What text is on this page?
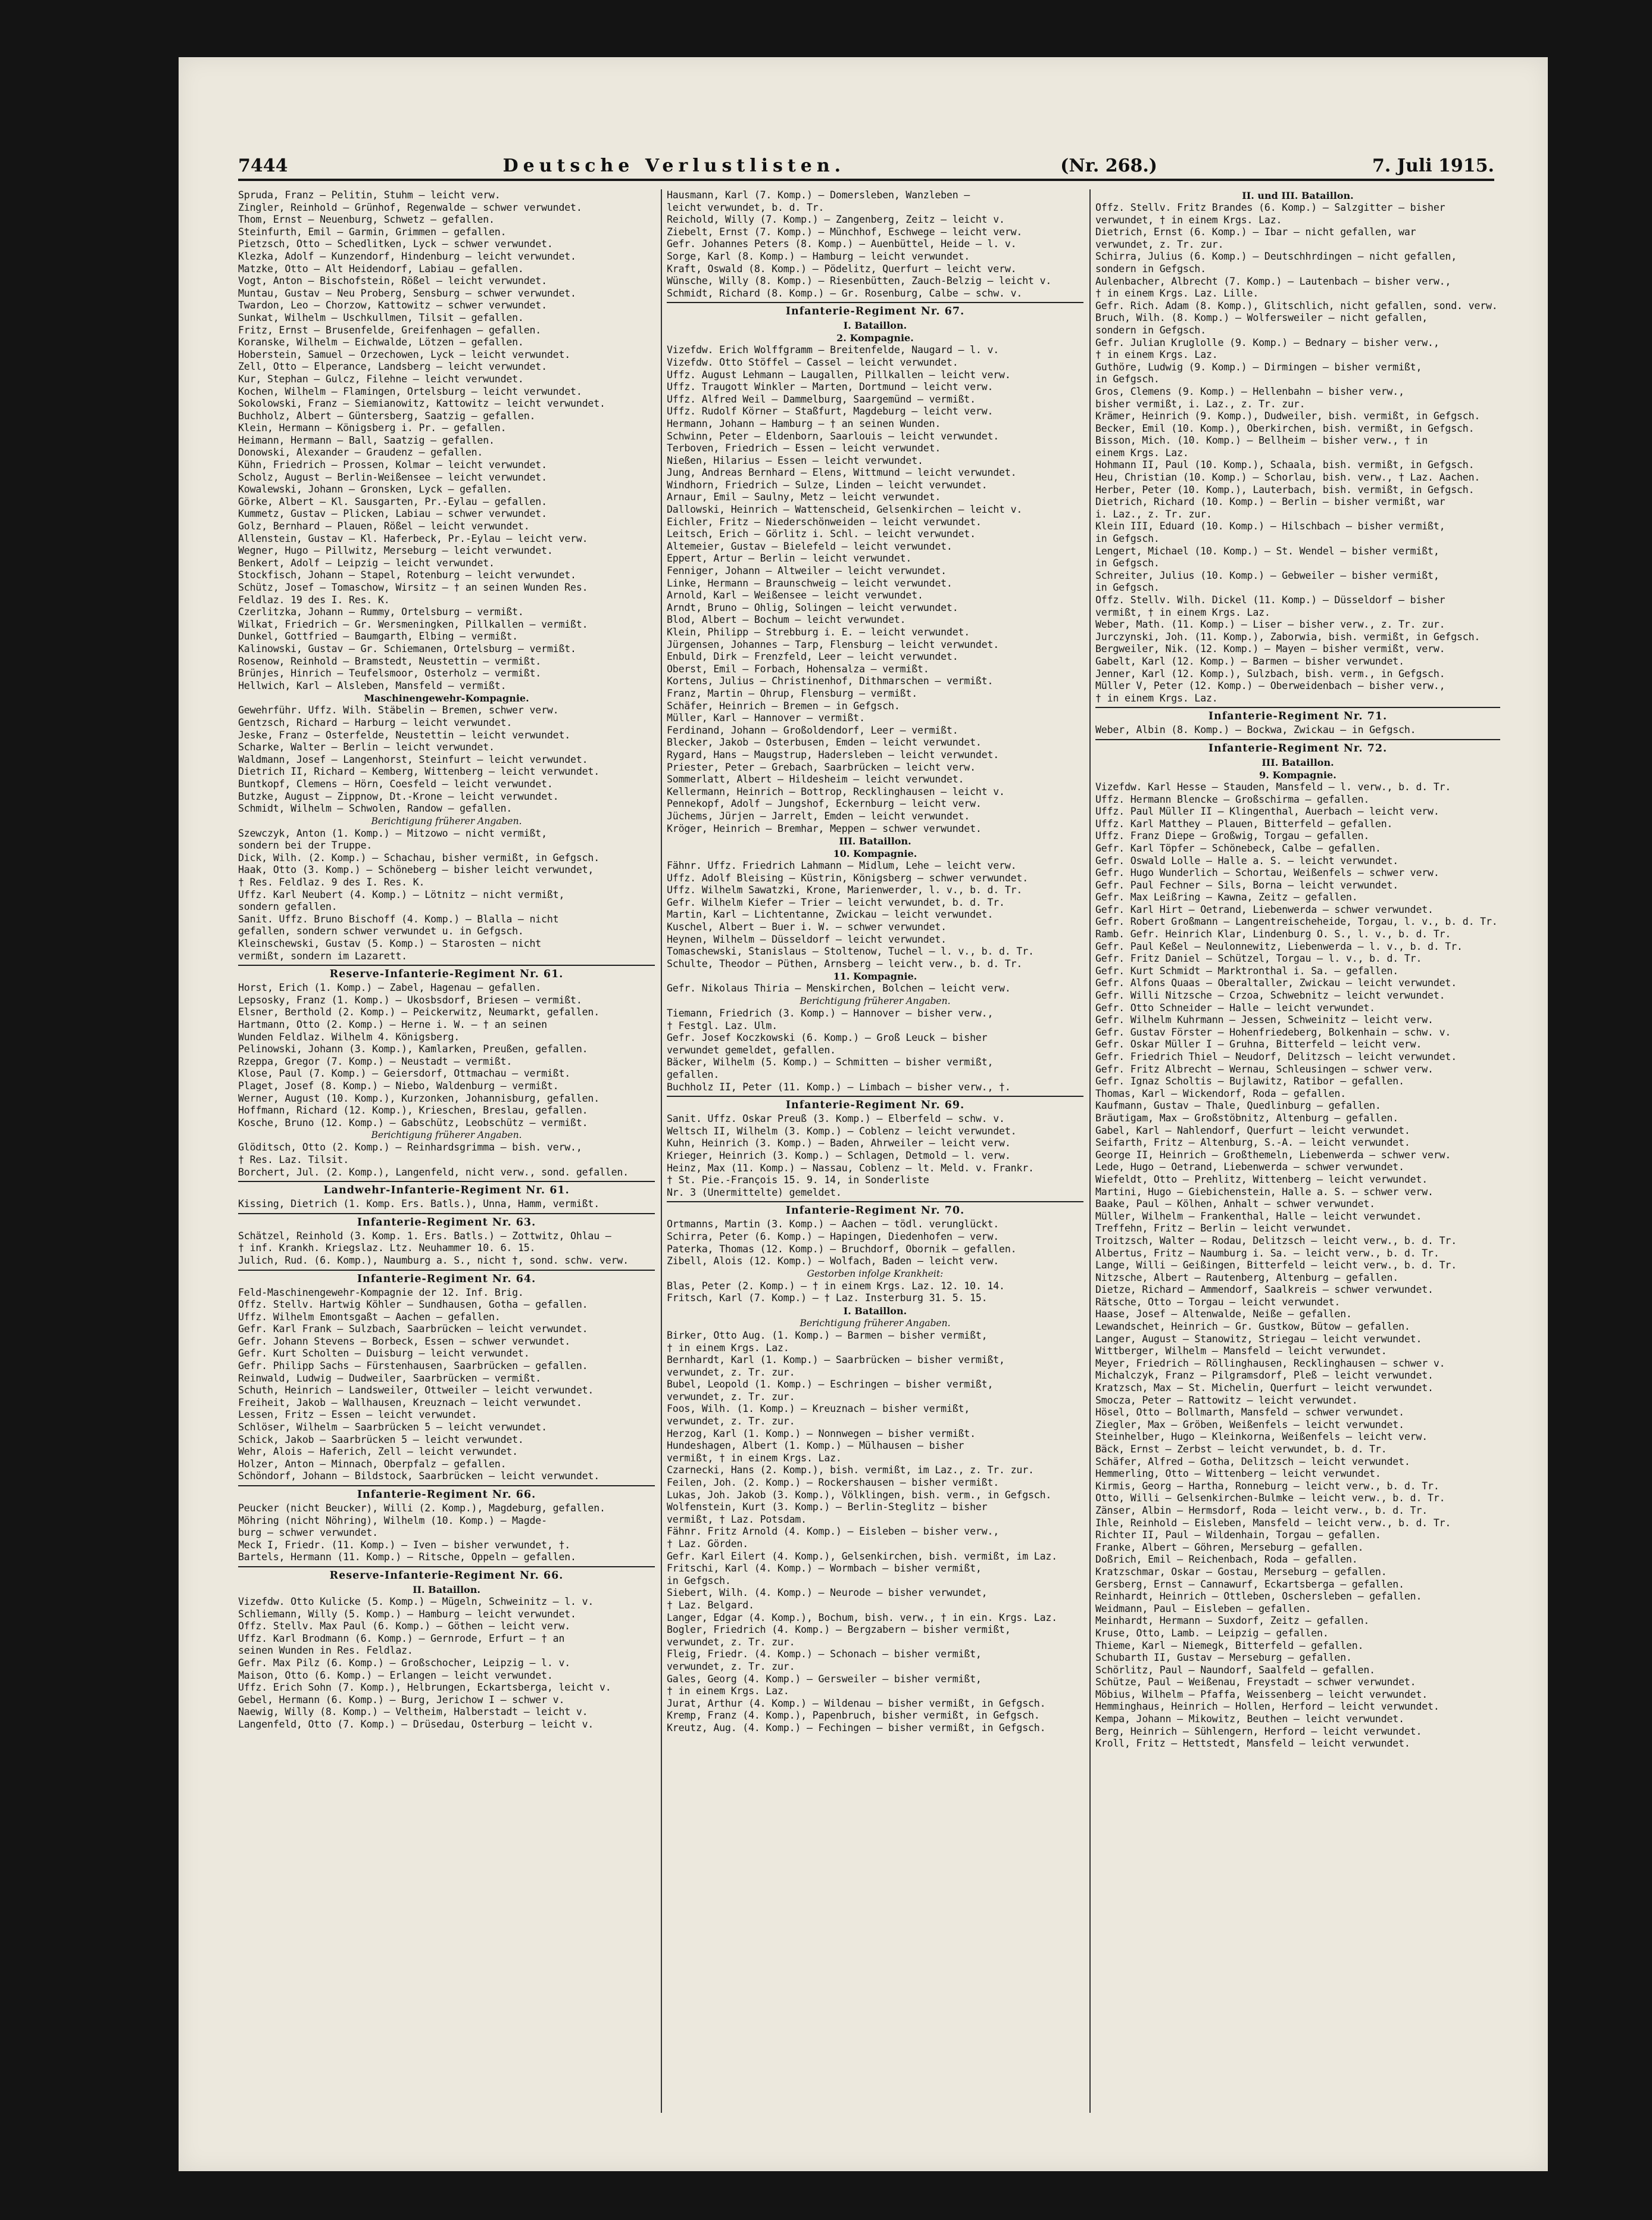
7444	Deutsche Verlustlisten.	(Nr. 268.)	7. Juli 1915.
Spruda, Franz — Pelitin, Stuhm — leicht verw.
Zingler, Reinhold — Grünhof, Regenwalde — schwer verwundet.
Thom, Ernst — Neuenburg, Schwetz — gefallen.
Steinfurth, Emil — Garmin, Grimmen — gefallen.
Pietzsch, Otto — Schedlitken, Lyck — schwer verwundet.
Klezka, Adolf — Kunzendorf, Hindenburg — leicht verwundet.
Matzke, Otto — Alt Heidendorf, Labiau — gefallen.
Vogt, Anton — Bischofstein, Rößel — leicht verwundet.
Muntau, Gustav — Neu Proberg, Sensburg — schwer verwundet.
Twardon, Leo — Chorzow, Kattowitz — schwer verwundet.
Sunkat, Wilhelm — Uschkullmen, Tilsit — gefallen.
Fritz, Ernst — Brusenfelde, Greifenhagen — gefallen.
Koranske, Wilhelm — Eichwalde, Lötzen — gefallen.
Hoberstein, Samuel — Orzechowen, Lyck — leicht verwundet.
Zell, Otto — Elperance, Landsberg — leicht verwundet.
Kur, Stephan — Gulcz, Filehne — leicht verwundet.
Kochen, Wilhelm — Flamingen, Ortelsburg — leicht verwundet.
Sokolowski, Franz — Siemianowitz, Kattowitz — leicht verwundet.
Buchholz, Albert — Güntersberg, Saatzig — gefallen.
Klein, Hermann — Königsberg i. Pr. — gefallen.
Heimann, Hermann — Ball, Saatzig — gefallen.
Donowski, Alexander — Graudenz — gefallen.
Kühn, Friedrich — Prossen, Kolmar — leicht verwundet.
Scholz, August — Berlin-Weißensee — leicht verwundet.
Kowalewski, Johann — Gronsken, Lyck — gefallen.
Görke, Albert — Kl. Sausgarten, Pr.-Eylau — gefallen.
Kummetz, Gustav — Plicken, Labiau — schwer verwundet.
Golz, Bernhard — Plauen, Rößel — leicht verwundet.
Allenstein, Gustav — Kl. Haferbeck, Pr.-Eylau — leicht verw.
Wegner, Hugo — Pillwitz, Merseburg — leicht verwundet.
Benkert, Adolf — Leipzig — leicht verwundet.
Stockfisch, Johann — Stapel, Rotenburg — leicht verwundet.
Schütz, Josef — Tomaschow, Wirsitz — † an seinen Wunden Res.
Feldlaz. 19 des I. Res. K.
Czerlitzka, Johann — Rummy, Ortelsburg — vermißt.
Wilkat, Friedrich — Gr. Wersmeningken, Pillkallen — vermißt.
Dunkel, Gottfried — Baumgarth, Elbing — vermißt.
Kalinowski, Gustav — Gr. Schiemanen, Ortelsburg — vermißt.
Rosenow, Reinhold — Bramstedt, Neustettin — vermißt.
Brünjes, Hinrich — Teufelsmoor, Osterholz — vermißt.
Hellwich, Karl — Alsleben, Mansfeld — vermißt.
Maschinengewehr-Kompagnie.
Gewehrführ. Uffz. Wilh. Stäbelin — Bremen, schwer verw.
Gentzsch, Richard — Harburg — leicht verwundet.
Jeske, Franz — Osterfelde, Neustettin — leicht verwundet.
Scharke, Walter — Berlin — leicht verwundet.
Waldmann, Josef — Langenhorst, Steinfurt — leicht verwundet.
Dietrich II, Richard — Kemberg, Wittenberg — leicht verwundet.
Buntkopf, Clemens — Hörn, Coesfeld — leicht verwundet.
Butzke, August — Zippnow, Dt.-Krone — leicht verwundet.
Schmidt, Wilhelm — Schwolen, Randow — gefallen.
Berichtigung früherer Angaben.
Szewczyk, Anton (1. Komp.) — Mitzowo — nicht vermißt,
sondern bei der Truppe.
Dick, Wilh. (2. Komp.) — Schachau, bisher vermißt, in Gefgsch.
Haak, Otto (3. Komp.) — Schöneberg — bisher leicht verwundet,
† Res. Feldlaz. 9 des I. Res. K.
Uffz. Karl Neubert (4. Komp.) — Lötnitz — nicht vermißt,
sondern gefallen.
Sanit. Uffz. Bruno Bischoff (4. Komp.) — Blalla — nicht
gefallen, sondern schwer verwundet u. in Gefgsch.
Kleinschewski, Gustav (5. Komp.) — Starosten — nicht
vermißt, sondern im Lazarett.
Reserve-Infanterie-Regiment Nr. 61.
Horst, Erich (1. Komp.) — Zabel, Hagenau — gefallen.
Lepsosky, Franz (1. Komp.) — Ukosbsdorf, Briesen — vermißt.
Elsner, Berthold (2. Komp.) — Peickerwitz, Neumarkt, gefallen.
Hartmann, Otto (2. Komp.) — Herne i. W. — † an seinen
Wunden Feldlaz. Wilhelm 4. Königsberg.
Pelinowski, Johann (3. Komp.), Kamlarken, Preußen, gefallen.
Rzeppa, Gregor (7. Komp.) — Neustadt — vermißt.
Klose, Paul (7. Komp.) — Geiersdorf, Ottmachau — vermißt.
Plaget, Josef (8. Komp.) — Niebo, Waldenburg — vermißt.
Werner, August (10. Komp.), Kurzonken, Johannisburg, gefallen.
Hoffmann, Richard (12. Komp.), Krieschen, Breslau, gefallen.
Kosche, Bruno (12. Komp.) — Gabschütz, Leobschütz — vermißt.
Berichtigung früherer Angaben.
Glöditsch, Otto (2. Komp.) — Reinhardsgrimma — bish. verw.,
† Res. Laz. Tilsit.
Borchert, Jul. (2. Komp.), Langenfeld, nicht verw., sond. gefallen.
Landwehr-Infanterie-Regiment Nr. 61.
Kissing, Dietrich (1. Komp. Ers. Batls.), Unna, Hamm, vermißt.
Infanterie-Regiment Nr. 63.
Schätzel, Reinhold (3. Komp. 1. Ers. Batls.) — Zottwitz, Ohlau —
† inf. Krankh. Kriegslaz. Ltz. Neuhammer 10. 6. 15.
Julich, Rud. (6. Komp.), Naumburg a. S., nicht †, sond. schw. verw.
Infanterie-Regiment Nr. 64.
Feld-Maschinengewehr-Kompagnie der 12. Inf. Brig.
Offz. Stellv. Hartwig Köhler — Sundhausen, Gotha — gefallen.
Uffz. Wilhelm Emontsgaßt — Aachen — gefallen.
Gefr. Karl Frank — Sulzbach, Saarbrücken — leicht verwundet.
Gefr. Johann Stevens — Borbeck, Essen — schwer verwundet.
Gefr. Kurt Scholten — Duisburg — leicht verwundet.
Gefr. Philipp Sachs — Fürstenhausen, Saarbrücken — gefallen.
Reinwald, Ludwig — Dudweiler, Saarbrücken — vermißt.
Schuth, Heinrich — Landsweiler, Ottweiler — leicht verwundet.
Freiheit, Jakob — Wallhausen, Kreuznach — leicht verwundet.
Lessen, Fritz — Essen — leicht verwundet.
Schlöser, Wilhelm — Saarbrücken 5 — leicht verwundet.
Schick, Jakob — Saarbrücken 5 — leicht verwundet.
Wehr, Alois — Haferich, Zell — leicht verwundet.
Holzer, Anton — Minnach, Oberpfalz — gefallen.
Schöndorf, Johann — Bildstock, Saarbrücken — leicht verwundet.
Infanterie-Regiment Nr. 66.
Peucker (nicht Beucker), Willi (2. Komp.), Magdeburg, gefallen.
Möhring (nicht Nöhring), Wilhelm (10. Komp.) — Magde-
burg — schwer verwundet.
Meck I, Friedr. (11. Komp.) — Iven — bisher verwundet, †.
Bartels, Hermann (11. Komp.) — Ritsche, Oppeln — gefallen.
Reserve-Infanterie-Regiment Nr. 66.
II. Bataillon.
Vizefdw. Otto Kulicke (5. Komp.) — Mügeln, Schweinitz — l. v.
Schliemann, Willy (5. Komp.) — Hamburg — leicht verwundet.
Offz. Stellv. Max Paul (6. Komp.) — Göthen — leicht verw.
Uffz. Karl Brodmann (6. Komp.) — Gernrode, Erfurt — † an
seinen Wunden in Res. Feldlaz.
Gefr. Max Pilz (6. Komp.) — Großschocher, Leipzig — l. v.
Maison, Otto (6. Komp.) — Erlangen — leicht verwundet.
Uffz. Erich Sohn (7. Komp.), Helbrungen, Eckartsberga, leicht v.
Gebel, Hermann (6. Komp.) — Burg, Jerichow I — schwer v.
Naewig, Willy (8. Komp.) — Veltheim, Halberstadt — leicht v.
Langenfeld, Otto (7. Komp.) — Drüsedau, Osterburg — leicht v.
Hausmann, Karl (7. Komp.) — Domersleben, Wanzleben —
leicht verwundet, b. d. Tr.
Reichold, Willy (7. Komp.) — Zangenberg, Zeitz — leicht v.
Ziebelt, Ernst (7. Komp.) — Münchhof, Eschwege — leicht verw.
Gefr. Johannes Peters (8. Komp.) — Auenbüttel, Heide — l. v.
Sorge, Karl (8. Komp.) — Hamburg — leicht verwundet.
Kraft, Oswald (8. Komp.) — Pödelitz, Querfurt — leicht verw.
Wünsche, Willy (8. Komp.) — Riesenbütten, Zauch-Belzig — leicht v.
Schmidt, Richard (8. Komp.) — Gr. Rosenburg, Calbe — schw. v.
Infanterie-Regiment Nr. 67.
I. Bataillon.
2. Kompagnie.
Vizefdw. Erich Wolffgramm — Breitenfelde, Naugard — l. v.
Vizefdw. Otto Stöffel — Cassel — leicht verwundet.
Uffz. August Lehmann — Laugallen, Pillkallen — leicht verw.
Uffz. Traugott Winkler — Marten, Dortmund — leicht verw.
Uffz. Alfred Weil — Dammelburg, Saargemünd — vermißt.
Uffz. Rudolf Körner — Staßfurt, Magdeburg — leicht verw.
Hermann, Johann — Hamburg — † an seinen Wunden.
Schwinn, Peter — Eldenborn, Saarlouis — leicht verwundet.
Terboven, Friedrich — Essen — leicht verwundet.
Nießen, Hilarius — Essen — leicht verwundet.
Jung, Andreas Bernhard — Elens, Wittmund — leicht verwundet.
Windhorn, Friedrich — Sulze, Linden — leicht verwundet.
Arnaur, Emil — Saulny, Metz — leicht verwundet.
Dallowski, Heinrich — Wattenscheid, Gelsenkirchen — leicht v.
Eichler, Fritz — Niederschönweiden — leicht verwundet.
Leitsch, Erich — Görlitz i. Schl. — leicht verwundet.
Altemeier, Gustav — Bielefeld — leicht verwundet.
Eppert, Artur — Berlin — leicht verwundet.
Fenniger, Johann — Altweiler — leicht verwundet.
Linke, Hermann — Braunschweig — leicht verwundet.
Arnold, Karl — Weißensee — leicht verwundet.
Arndt, Bruno — Ohlig, Solingen — leicht verwundet.
Blod, Albert — Bochum — leicht verwundet.
Klein, Philipp — Strebburg i. E. — leicht verwundet.
Jürgensen, Johannes — Tarp, Flensburg — leicht verwundet.
Enbuld, Dirk — Frenzfeld, Leer — leicht verwundet.
Oberst, Emil — Forbach, Hohensalza — vermißt.
Kortens, Julius — Christinenhof, Dithmarschen — vermißt.
Franz, Martin — Ohrup, Flensburg — vermißt.
Schäfer, Heinrich — Bremen — in Gefgsch.
Müller, Karl — Hannover — vermißt.
Ferdinand, Johann — Großoldendorf, Leer — vermißt.
Blecker, Jakob — Osterbusen, Emden — leicht verwundet.
Rygard, Hans — Maugstrup, Hadersleben — leicht verwundet.
Priester, Peter — Grebach, Saarbrücken — leicht verw.
Sommerlatt, Albert — Hildesheim — leicht verwundet.
Kellermann, Heinrich — Bottrop, Recklinghausen — leicht v.
Pennekopf, Adolf — Jungshof, Eckernburg — leicht verw.
Jüchems, Jürjen — Jarrelt, Emden — leicht verwundet.
Kröger, Heinrich — Bremhar, Meppen — schwer verwundet.
III. Bataillon.
10. Kompagnie.
Fähnr. Uffz. Friedrich Lahmann — Midlum, Lehe — leicht verw.
Uffz. Adolf Bleising — Küstrin, Königsberg — schwer verwundet.
Uffz. Wilhelm Sawatzki, Krone, Marienwerder, l. v., b. d. Tr.
Gefr. Wilhelm Kiefer — Trier — leicht verwundet, b. d. Tr.
Martin, Karl — Lichtentanne, Zwickau — leicht verwundet.
Kuschel, Albert — Buer i. W. — schwer verwundet.
Heynen, Wilhelm — Düsseldorf — leicht verwundet.
Tomaschewski, Stanislaus — Stoltenow, Tuchel — l. v., b. d. Tr.
Schulte, Theodor — Püthen, Arnsberg — leicht verw., b. d. Tr.
11. Kompagnie.
Gefr. Nikolaus Thiria — Menskirchen, Bolchen — leicht verw.
Berichtigung früherer Angaben.
Tiemann, Friedrich (3. Komp.) — Hannover — bisher verw.,
† Festgl. Laz. Ulm.
Gefr. Josef Koczkowski (6. Komp.) — Groß Leuck — bisher
verwundet gemeldet, gefallen.
Bäcker, Wilhelm (5. Komp.) — Schmitten — bisher vermißt,
gefallen.
Buchholz II, Peter (11. Komp.) — Limbach — bisher verw., †.
Infanterie-Regiment Nr. 69.
Sanit. Uffz. Oskar Preuß (3. Komp.) — Elberfeld — schw. v.
Weltsch II, Wilhelm (3. Komp.) — Coblenz — leicht verwundet.
Kuhn, Heinrich (3. Komp.) — Baden, Ahrweiler — leicht verw.
Krieger, Heinrich (3. Komp.) — Schlagen, Detmold — l. verw.
Heinz, Max (11. Komp.) — Nassau, Coblenz — lt. Meld. v. Frankr.
† St. Pie.-François 15. 9. 14, in Sonderliste
Nr. 3 (Unermittelte) gemeldet.
Infanterie-Regiment Nr. 70.
Ortmanns, Martin (3. Komp.) — Aachen — tödl. verunglückt.
Schirra, Peter (6. Komp.) — Hapingen, Diedenhofen — verw.
Paterka, Thomas (12. Komp.) — Bruchdorf, Obornik — gefallen.
Zibell, Alois (12. Komp.) — Wolfach, Baden — leicht verw.
Gestorben infolge Krankheit:
Blas, Peter (2. Komp.) — † in einem Krgs. Laz. 12. 10. 14.
Fritsch, Karl (7. Komp.) — † Laz. Insterburg 31. 5. 15.
I. Bataillon.
Berichtigung früherer Angaben.
Birker, Otto Aug. (1. Komp.) — Barmen — bisher vermißt,
† in einem Krgs. Laz.
Bernhardt, Karl (1. Komp.) — Saarbrücken — bisher vermißt,
verwundet, z. Tr. zur.
Bubel, Leopold (1. Komp.) — Eschringen — bisher vermißt,
verwundet, z. Tr. zur.
Foos, Wilh. (1. Komp.) — Kreuznach — bisher vermißt,
verwundet, z. Tr. zur.
Herzog, Karl (1. Komp.) — Nonnwegen — bisher vermißt.
Hundeshagen, Albert (1. Komp.) — Mülhausen — bisher
vermißt, † in einem Krgs. Laz.
Czarnecki, Hans (2. Komp.), bish. vermißt, im Laz., z. Tr. zur.
Feilen, Joh. (2. Komp.) — Rockershausen — bisher vermißt.
Lukas, Joh. Jakob (3. Komp.), Völklingen, bish. verm., in Gefgsch.
Wolfenstein, Kurt (3. Komp.) — Berlin-Steglitz — bisher
vermißt, † Laz. Potsdam.
Fähnr. Fritz Arnold (4. Komp.) — Eisleben — bisher verw.,
† Laz. Görden.
Gefr. Karl Eilert (4. Komp.), Gelsenkirchen, bish. vermißt, im Laz.
Fritschi, Karl (4. Komp.) — Wormbach — bisher vermißt,
in Gefgsch.
Siebert, Wilh. (4. Komp.) — Neurode — bisher verwundet,
† Laz. Belgard.
Langer, Edgar (4. Komp.), Bochum, bish. verw., † in ein. Krgs. Laz.
Bogler, Friedrich (4. Komp.) — Bergzabern — bisher vermißt,
verwundet, z. Tr. zur.
Fleig, Friedr. (4. Komp.) — Schonach — bisher vermißt,
verwundet, z. Tr. zur.
Gales, Georg (4. Komp.) — Gersweiler — bisher vermißt,
† in einem Krgs. Laz.
Jurat, Arthur (4. Komp.) — Wildenau — bisher vermißt, in Gefgsch.
Kremp, Franz (4. Komp.), Papenbruch, bisher vermißt, in Gefgsch.
Kreutz, Aug. (4. Komp.) — Fechingen — bisher vermißt, in Gefgsch.
II. und III. Bataillon.
Offz. Stellv. Fritz Brandes (6. Komp.) — Salzgitter — bisher
verwundet, † in einem Krgs. Laz.
Dietrich, Ernst (6. Komp.) — Ibar — nicht gefallen, war
verwundet, z. Tr. zur.
Schirra, Julius (6. Komp.) — Deutschhrdingen — nicht gefallen,
sondern in Gefgsch.
Aulenbacher, Albrecht (7. Komp.) — Lautenbach — bisher verw.,
† in einem Krgs. Laz. Lille.
Gefr. Rich. Adam (8. Komp.), Glitschlich, nicht gefallen, sond. verw.
Bruch, Wilh. (8. Komp.) — Wolfersweiler — nicht gefallen,
sondern in Gefgsch.
Gefr. Julian Kruglolle (9. Komp.) — Bednary — bisher verw.,
† in einem Krgs. Laz.
Guthöre, Ludwig (9. Komp.) — Dirmingen — bisher vermißt,
in Gefgsch.
Gros, Clemens (9. Komp.) — Hellenbahn — bisher verw.,
bisher vermißt, i. Laz., z. Tr. zur.
Krämer, Heinrich (9. Komp.), Dudweiler, bish. vermißt, in Gefgsch.
Becker, Emil (10. Komp.), Oberkirchen, bish. vermißt, in Gefgsch.
Bisson, Mich. (10. Komp.) — Bellheim — bisher verw., † in
einem Krgs. Laz.
Hohmann II, Paul (10. Komp.), Schaala, bish. vermißt, in Gefgsch.
Heu, Christian (10. Komp.) — Schorlau, bish. verw., † Laz. Aachen.
Herber, Peter (10. Komp.), Lauterbach, bish. vermißt, in Gefgsch.
Dietrich, Richard (10. Komp.) — Berlin — bisher vermißt, war
i. Laz., z. Tr. zur.
Klein III, Eduard (10. Komp.) — Hilschbach — bisher vermißt,
in Gefgsch.
Lengert, Michael (10. Komp.) — St. Wendel — bisher vermißt,
in Gefgsch.
Schreiter, Julius (10. Komp.) — Gebweiler — bisher vermißt,
in Gefgsch.
Offz. Stellv. Wilh. Dickel (11. Komp.) — Düsseldorf — bisher
vermißt, † in einem Krgs. Laz.
Weber, Math. (11. Komp.) — Liser — bisher verw., z. Tr. zur.
Jurczynski, Joh. (11. Komp.), Zaborwia, bish. vermißt, in Gefgsch.
Bergweiler, Nik. (12. Komp.) — Mayen — bisher vermißt, verw.
Gabelt, Karl (12. Komp.) — Barmen — bisher verwundet.
Jenner, Karl (12. Komp.), Sulzbach, bish. verm., in Gefgsch.
Müller V, Peter (12. Komp.) — Oberweidenbach — bisher verw.,
† in einem Krgs. Laz.
Infanterie-Regiment Nr. 71.
Weber, Albin (8. Komp.) — Bockwa, Zwickau — in Gefgsch.
Infanterie-Regiment Nr. 72.
III. Bataillon.
9. Kompagnie.
Vizefdw. Karl Hesse — Stauden, Mansfeld — l. verw., b. d. Tr.
Uffz. Hermann Blencke — Großschirma — gefallen.
Uffz. Paul Müller II — Klingenthal, Auerbach — leicht verw.
Uffz. Karl Matthey — Plauen, Bitterfeld — gefallen.
Uffz. Franz Diepe — Großwig, Torgau — gefallen.
Gefr. Karl Töpfer — Schönebeck, Calbe — gefallen.
Gefr. Oswald Lolle — Halle a. S. — leicht verwundet.
Gefr. Hugo Wunderlich — Schortau, Weißenfels — schwer verw.
Gefr. Paul Fechner — Sils, Borna — leicht verwundet.
Gefr. Max Leißring — Kawna, Zeitz — gefallen.
Gefr. Karl Hirt — Oetrand, Liebenwerda — schwer verwundet.
Gefr. Robert Großmann — Langentreischeheide, Torgau, l. v., b. d. Tr.
Ramb. Gefr. Heinrich Klar, Lindenburg O. S., l. v., b. d. Tr.
Gefr. Paul Keßel — Neulonnewitz, Liebenwerda — l. v., b. d. Tr.
Gefr. Fritz Daniel — Schützel, Torgau — l. v., b. d. Tr.
Gefr. Kurt Schmidt — Marktronthal i. Sa. — gefallen.
Gefr. Alfons Quaas — Oberaltaller, Zwickau — leicht verwundet.
Gefr. Willi Nitzsche — Crzoa, Schwebnitz — leicht verwundet.
Gefr. Otto Schneider — Halle — leicht verwundet.
Gefr. Wilhelm Kuhrmann — Jessen, Schweinitz — leicht verw.
Gefr. Gustav Förster — Hohenfriedeberg, Bolkenhain — schw. v.
Gefr. Oskar Müller I — Gruhna, Bitterfeld — leicht verw.
Gefr. Friedrich Thiel — Neudorf, Delitzsch — leicht verwundet.
Gefr. Fritz Albrecht — Wernau, Schleusingen — schwer verw.
Gefr. Ignaz Scholtis — Bujlawitz, Ratibor — gefallen.
Thomas, Karl — Wickendorf, Roda — gefallen.
Kaufmann, Gustav — Thale, Quedlinburg — gefallen.
Bräutigam, Max — Großstöbnitz, Altenburg — gefallen.
Gabel, Karl — Nahlendorf, Querfurt — leicht verwundet.
Seifarth, Fritz — Altenburg, S.-A. — leicht verwundet.
George II, Heinrich — Großthemeln, Liebenwerda — schwer verw.
Lede, Hugo — Oetrand, Liebenwerda — schwer verwundet.
Wiefeldt, Otto — Prehlitz, Wittenberg — leicht verwundet.
Martini, Hugo — Giebichenstein, Halle a. S. — schwer verw.
Baake, Paul — Kölhen, Anhalt — schwer verwundet.
Müller, Wilhelm — Frankenthal, Halle — leicht verwundet.
Treffehn, Fritz — Berlin — leicht verwundet.
Troitzsch, Walter — Rodau, Delitzsch — leicht verw., b. d. Tr.
Albertus, Fritz — Naumburg i. Sa. — leicht verw., b. d. Tr.
Lange, Willi — Geißingen, Bitterfeld — leicht verw., b. d. Tr.
Nitzsche, Albert — Rautenberg, Altenburg — gefallen.
Dietze, Richard — Ammendorf, Saalkreis — schwer verwundet.
Rätsche, Otto — Torgau — leicht verwundet.
Haase, Josef — Altenwalde, Neiße — gefallen.
Lewandschet, Heinrich — Gr. Gustkow, Bütow — gefallen.
Langer, August — Stanowitz, Striegau — leicht verwundet.
Wittberger, Wilhelm — Mansfeld — leicht verwundet.
Meyer, Friedrich — Röllinghausen, Recklinghausen — schwer v.
Michalczyk, Franz — Pilgramsdorf, Pleß — leicht verwundet.
Kratzsch, Max — St. Michelin, Querfurt — leicht verwundet.
Smocza, Peter — Rattowitz — leicht verwundet.
Hösel, Otto — Bollmarth, Mansfeld — schwer verwundet.
Ziegler, Max — Gröben, Weißenfels — leicht verwundet.
Steinhelber, Hugo — Kleinkorna, Weißenfels — leicht verw.
Bäck, Ernst — Zerbst — leicht verwundet, b. d. Tr.
Schäfer, Alfred — Gotha, Delitzsch — leicht verwundet.
Hemmerling, Otto — Wittenberg — leicht verwundet.
Kirmis, Georg — Hartha, Ronneburg — leicht verw., b. d. Tr.
Otto, Willi — Gelsenkirchen-Bulmke — leicht verw., b. d. Tr.
Zänser, Albin — Hermsdorf, Roda — leicht verw., b. d. Tr.
Ihle, Reinhold — Eisleben, Mansfeld — leicht verw., b. d. Tr.
Richter II, Paul — Wildenhain, Torgau — gefallen.
Franke, Albert — Göhren, Merseburg — gefallen.
Doßrich, Emil — Reichenbach, Roda — gefallen.
Kratzschmar, Oskar — Gostau, Merseburg — gefallen.
Gersberg, Ernst — Cannawurf, Eckartsberga — gefallen.
Reinhardt, Heinrich — Ottleben, Oschersleben — gefallen.
Weidmann, Paul — Eisleben — gefallen.
Meinhardt, Hermann — Suxdorf, Zeitz — gefallen.
Kruse, Otto, Lamb. — Leipzig — gefallen.
Thieme, Karl — Niemegk, Bitterfeld — gefallen.
Schubarth II, Gustav — Merseburg — gefallen.
Schörlitz, Paul — Naundorf, Saalfeld — gefallen.
Schütze, Paul — Weißenau, Freystadt — schwer verwundet.
Möbius, Wilhelm — Pfaffa, Weissenberg — leicht verwundet.
Hemminghaus, Heinrich — Hollen, Herford — leicht verwundet.
Kempa, Johann — Mikowitz, Beuthen — leicht verwundet.
Berg, Heinrich — Sühlengern, Herford — leicht verwundet.
Kroll, Fritz — Hettstedt, Mansfeld — leicht verwundet.
